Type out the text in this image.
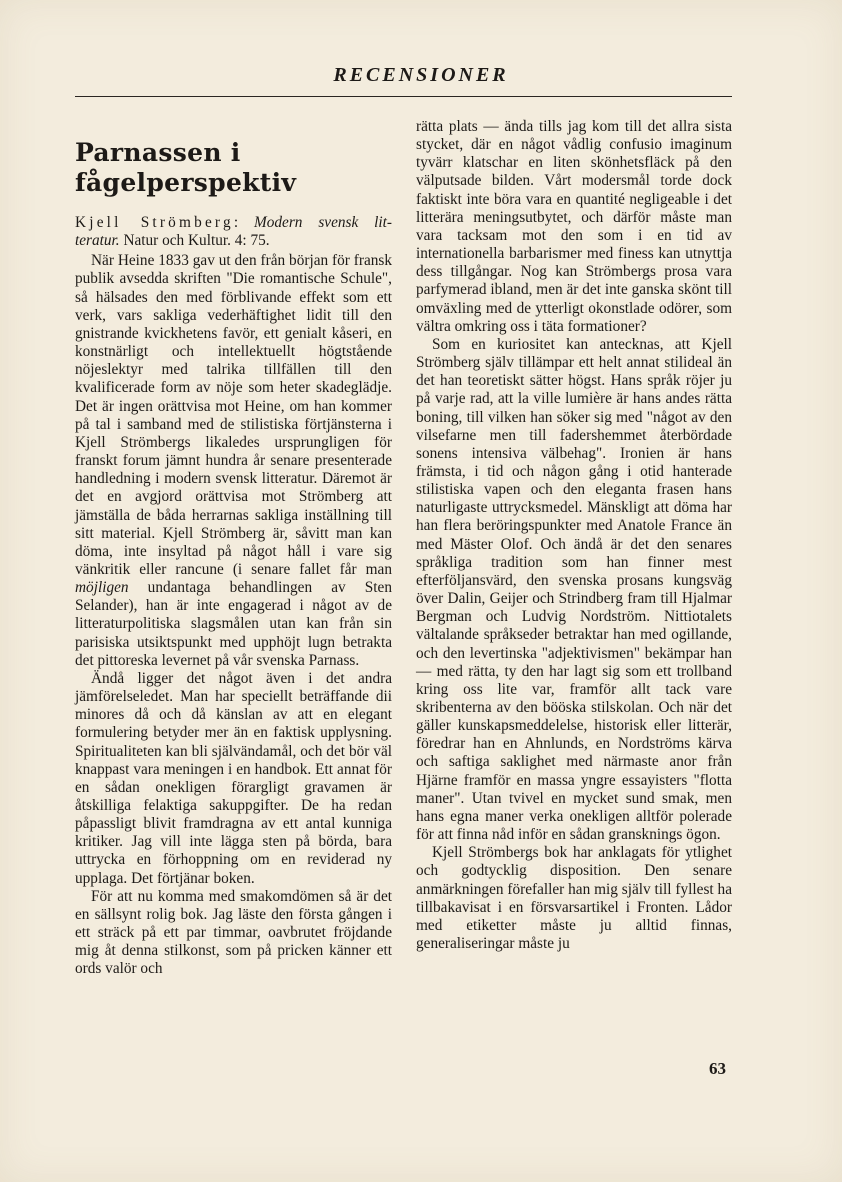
RECENSIONER
Parnassen i
fågelperspektiv

Kjell Strömberg: Modern svensk lit- teratur. Natur och Kultur. 4: 75.

När Heine 1833 gav ut den från början för fransk publik avsedda skriften "Die romantische Schule", så hälsades den med förblivande effekt som ett verk, vars sakliga vederhäftighet lidit till den gnistrande kvickhetens favör, ett genialt kåseri, en konstnärligt och intellektuellt högtstående nöjeslektyr med talrika tillfällen till den kvalificerade form av nöje som heter skadeglädje. Det är ingen orättvisa mot Heine, om han kommer på tal i samband med de stilistiska förtjänsterna i Kjell Strömbergs likaledes ursprungligen för franskt forum jämnt hundra år senare presenterade handledning i modern svensk litteratur. Däremot är det en avgjord orättvisa mot Strömberg att jämställa de båda herrarnas sakliga inställning till sitt material. Kjell Strömberg är, såvitt man kan döma, inte insyltad på något håll i vare sig vänkritik eller rancune (i senare fallet får man möjligen undantaga behandlingen av Sten Selander), han är inte engagerad i något av de litteraturpolitiska slagsmålen utan kan från sin parisiska utsiktspunkt med upphöjt lugn betrakta det pittoreska levernet på vår svenska Parnass.

Ändå ligger det något även i det andra jämförelseledet. Man har speciellt beträffande dii minores då och då känslan av att en elegant formulering betyder mer än en faktisk upplysning. Spiritualiteten kan bli självändamål, och det bör väl knappast vara meningen i en handbok. Ett annat för en sådan onekligen förargligt gravamen är åtskilliga felaktiga sakuppgifter. De ha redan påpassligt blivit framdragna av ett antal kunniga kritiker. Jag vill inte lägga sten på börda, bara uttrycka en förhoppning om en reviderad ny upplaga. Det förtjänar boken.

För att nu komma med smakomdömen så är det en sällsynt rolig bok. Jag läste den första gången i ett sträck på ett par timmar, oavbrutet fröjdande mig åt denna stilkonst, som på pricken känner ett ords valör och

rätta plats — ända tills jag kom till det allra sista stycket, där en något vådlig confusio imaginum tyvärr klatschar en liten skönhetsfläck på den välputsade bilden. Vårt modersmål torde dock faktiskt inte böra vara en quantité negligeable i det litterära meningsutbytet, och därför måste man vara tacksam mot den som i en tid av internationella barbarismer med finess kan utnyttja dess tillgångar. Nog kan Strömbergs prosa vara parfymerad ibland, men är det inte ganska skönt till omväxling med de ytterligt okonstlade odörer, som vältra omkring oss i täta formationer?

Som en kuriositet kan antecknas, att Kjell Strömberg själv tillämpar ett helt annat stilideal än det han teoretiskt sätter högst. Hans språk röjer ju på varje rad, att la ville lumière är hans andes rätta boning, till vilken han söker sig med "något av den vilsefarne men till fadershemmet återbördade sonens intensiva välbehag". Ironien är hans främsta, i tid och någon gång i otid hanterade stilistiska vapen och den eleganta frasen hans naturligaste uttrycksmedel. Mänskligt att döma har han flera beröringspunkter med Anatole France än med Mäster Olof. Och ändå är det den senares språkliga tradition som han finner mest efterföljansvärd, den svenska prosans kungsväg över Dalin, Geijer och Strindberg fram till Hjalmar Bergman och Ludvig Nordström. Nittiotalets vältalande språkseder betraktar han med ogillande, och den levertinska "adjektivismen" bekämpar han — med rätta, ty den har lagt sig som ett trollband kring oss lite var, framför allt tack vare skribenterna av den bööska stilskolan. Och när det gäller kunskapsmeddelelse, historisk eller litterär, föredrar han en Ahnlunds, en Nordströms kärva och saftiga saklighet med närmaste anor från Hjärne framför en massa yngre essayisters "flotta maner". Utan tvivel en mycket sund smak, men hans egna maner verka onekligen alltför polerade för att finna nåd inför en sådan gransknings ögon.

Kjell Strömbergs bok har anklagats för ytlighet och godtycklig disposition. Den senare anmärkningen förefaller han mig själv till fyllest ha tillbakavisat i en försvarsartikel i Fronten. Lådor med etiketter måste ju alltid finnas, generaliseringar måste ju

63
